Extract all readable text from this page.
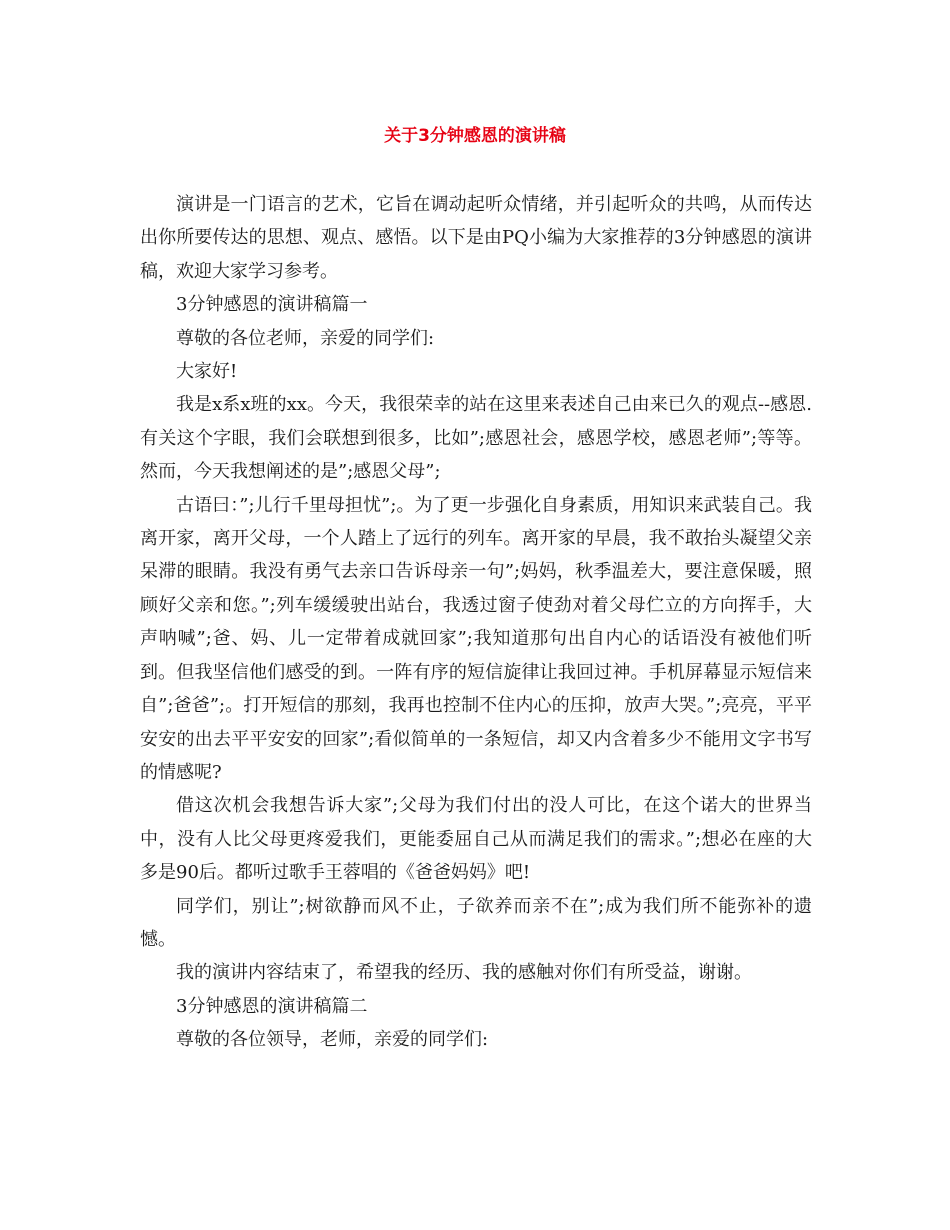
关于3分钟感恩的演讲稿

演讲是一门语言的艺术，它旨在调动起听众情绪，并引起听众的共鸣，从而传达出你所要传达的思想、观点、感悟。以下是由PQ小编为大家推荐的3分钟感恩的演讲稿，欢迎大家学习参考。

3分钟感恩的演讲稿篇一

尊敬的各位老师，亲爱的同学们:

大家好!

我是x系x班的xx。今天，我很荣幸的站在这里来表述自己由来已久的观点--感恩.有关这个字眼，我们会联想到很多，比如”;感恩社会，感恩学校，感恩老师”;等等。然而，今天我想阐述的是”;感恩父母”;

古语曰：”;儿行千里母担忧”;。为了更一步强化自身素质，用知识来武装自己。我离开家，离开父母，一个人踏上了远行的列车。离开家的早晨，我不敢抬头凝望父亲呆滞的眼睛。我没有勇气去亲口告诉母亲一句”;妈妈，秋季温差大，要注意保暖，照顾好父亲和您。”;列车缓缓驶出站台，我透过窗子使劲对着父母伫立的方向挥手，大声呐喊”;爸、妈、儿一定带着成就回家”;我知道那句出自内心的话语没有被他们听到。但我坚信他们感受的到。一阵有序的短信旋律让我回过神。手机屏幕显示短信来自”;爸爸”;。打开短信的那刻，我再也控制不住内心的压抑，放声大哭。”;亮亮，平平安安的出去平平安安的回家”;看似简单的一条短信，却又内含着多少不能用文字书写的情感呢?

借这次机会我想告诉大家”;父母为我们付出的没人可比，在这个诺大的世界当中，没有人比父母更疼爱我们，更能委屈自己从而满足我们的需求。”;想必在座的大多是90后。都听过歌手王蓉唱的《爸爸妈妈》吧!

同学们，别让”;树欲静而风不止，子欲养而亲不在”;成为我们所不能弥补的遗憾。

我的演讲内容结束了，希望我的经历、我的感触对你们有所受益，谢谢。

3分钟感恩的演讲稿篇二

尊敬的各位领导，老师，亲爱的同学们:
